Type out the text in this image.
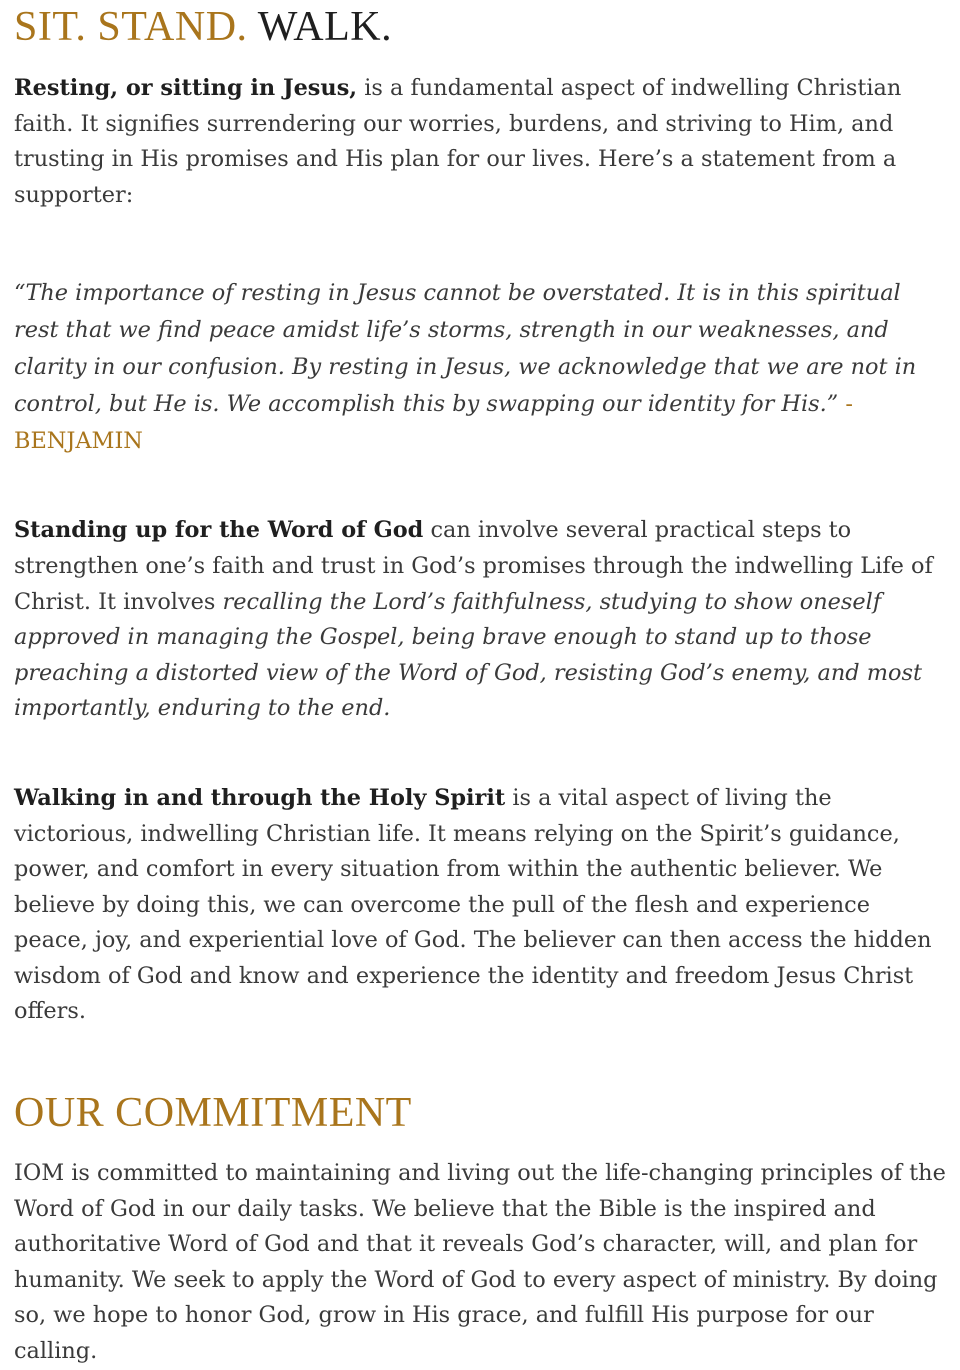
SIT. STAND. WALK.

Resting, or sitting in Jesus, is a fundamental aspect of indwelling Christian faith. It signifies surrendering our worries, burdens, and striving to Him, and trusting in His promises and His plan for our lives. Here’s a statement from a supporter:

“The importance of resting in Jesus cannot be overstated. It is in this spiritual rest that we find peace amidst life’s storms, strength in our weaknesses, and clarity in our confusion. By resting in Jesus, we acknowledge that we are not in control, but He is. We accomplish this by swapping our identity for His.” -BENJAMIN

Standing up for the Word of God can involve several practical steps to strengthen one’s faith and trust in God’s promises through the indwelling Life of Christ. It involves recalling the Lord’s faithfulness, studying to show oneself approved in managing the Gospel, being brave enough to stand up to those preaching a distorted view of the Word of God, resisting God’s enemy, and most importantly, enduring to the end.

Walking in and through the Holy Spirit is a vital aspect of living the victorious, indwelling Christian life. It means relying on the Spirit’s guidance, power, and comfort in every situation from within the authentic believer. We believe by doing this, we can overcome the pull of the flesh and experience peace, joy, and experiential love of God. The believer can then access the hidden wisdom of God and know and experience the identity and freedom Jesus Christ offers.

OUR COMMITMENT

IOM is committed to maintaining and living out the life-changing principles of the Word of God in our daily tasks. We believe that the Bible is the inspired and authoritative Word of God and that it reveals God’s character, will, and plan for humanity. We seek to apply the Word of God to every aspect of ministry. By doing so, we hope to honor God, grow in His grace, and fulfill His purpose for our calling.
